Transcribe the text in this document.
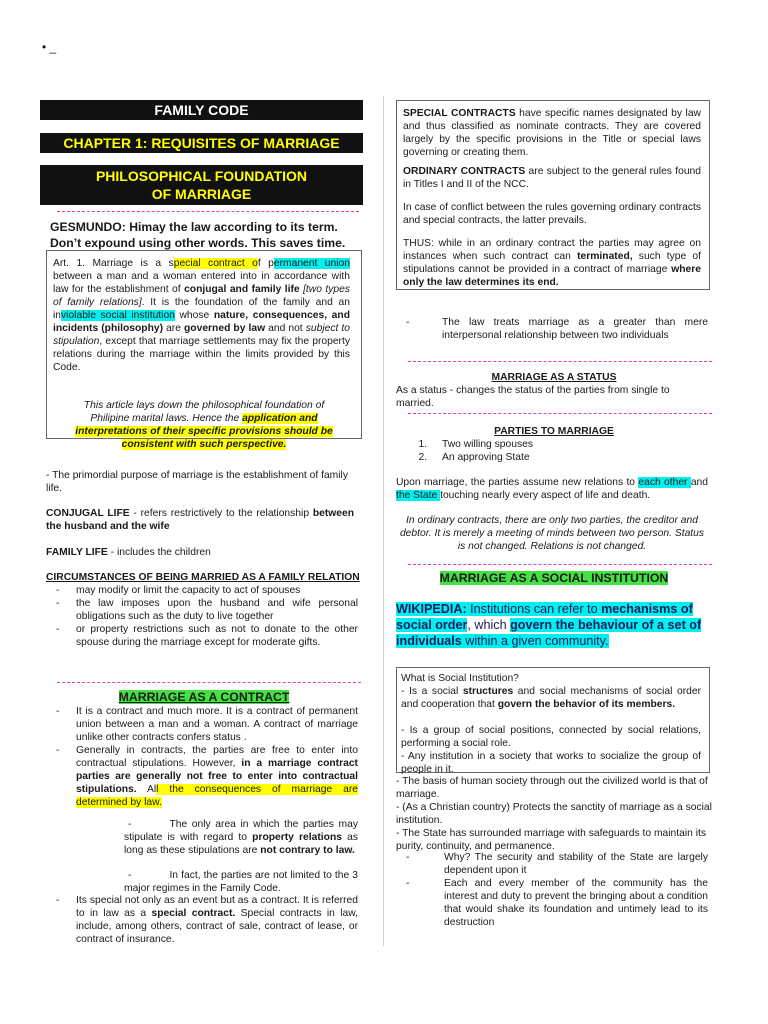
• _
FAMILY CODE
CHAPTER 1: REQUISITES OF MARRIAGE
PHILOSOPHICAL FOUNDATION OF MARRIAGE
GESMUNDO: Himay the law according to its term. Don’t expound using other words. This saves time.
Art. 1. Marriage is a special contract of permanent union between a man and a woman entered into in accordance with law for the establishment of conjugal and family life [two types of family relations]. It is the foundation of the family and an inviolable social institution whose nature, consequences, and incidents (philosophy) are governed by law and not subject to stipulation, except that marriage settlements may fix the property relations during the marriage within the limits provided by this Code.
This article lays down the philosophical foundation of Philipine marital laws. Hence the application and interpretations of their specific provisions should be consistent with such perspective.
- The primordial purpose of marriage is the establishment of family life.
CONJUGAL LIFE - refers restrictively to the relationship between the husband and the wife
FAMILY LIFE - includes the children
CIRCUMSTANCES OF BEING MARRIED AS A FAMILY RELATION
- may modify or limit the capacity to act of spouses
- the law imposes upon the husband and wife personal obligations such as the duty to live together
- or property restrictions such as not to donate to the other spouse during the marriage except for moderate gifts.
MARRIAGE AS A CONTRACT
- It is a contract and much more. It is a contract of permanent union between a man and a woman. A contract of marriage unlike other contracts confers status .
- Generally in contracts, the parties are free to enter into contractual stipulations. However, in a marriage contract parties are generally not free to enter into contractual stipulations. All the consequences of marriage are determined by law.
-	The only area in which the parties may stipulate is with regard to property relations as long as these stipulations are not contrary to law.
-	In fact, the parties are not limited to the 3 major regimes in the Family Code.
- Its special not only as an event but as a contract. It is referred to in law as a special contract. Special contracts in law, include, among others, contract of sale, contract of lease, or contract of insurance.
SPECIAL CONTRACTS have specific names designated by law and thus classified as nominate contracts. They are covered largely by the specific provisions in the Title or special laws governing or creating them.
ORDINARY CONTRACTS are subject to the general rules found in Titles I and II of the NCC.
In case of conflict between the rules governing ordinary contracts and special contracts, the latter prevails.
THUS: while in an ordinary contract the parties may agree on instances when such contract can terminated, such type of stipulations cannot be provided in a contract of marriage where only the law determines its end.
- The law treats marriage as a greater than mere interpersonal relationship between two individuals
MARRIAGE AS A STATUS
As a status - changes the status of the parties from single to married.
PARTIES TO MARRIAGE
1. Two willing spouses
2. An approving State
Upon marriage, the parties assume new relations to each other and the State touching nearly every aspect of life and death.
In ordinary contracts, there are only two parties, the creditor and debtor. It is merely a meeting of minds between two person. Status is not changed. Relations is not changed.
MARRIAGE AS A SOCIAL INSTITUTION
WIKIPEDIA: Institutions can refer to mechanisms of social order, which govern the behaviour of a set of individuals within a given community.
What is Social Institution?
- Is a social structures and social mechanisms of social order and cooperation that govern the behavior of its members.
- Is a group of social positions, connected by social relations, performing a social role.
- Any institution in a society that works to socialize the group of people in it.
- The basis of human society through out the civilized world is that of marriage.
- (As a Christian country) Protects the sanctity of marriage as a social institution.
- The State has surrounded marriage with safeguards to maintain its purity, continuity, and permanence.
- Why? The security and stability of the State are largely dependent upon it
- Each and every member of the community has the interest and duty to prevent the bringing about a condition that would shake its foundation and untimely lead to its destruction
